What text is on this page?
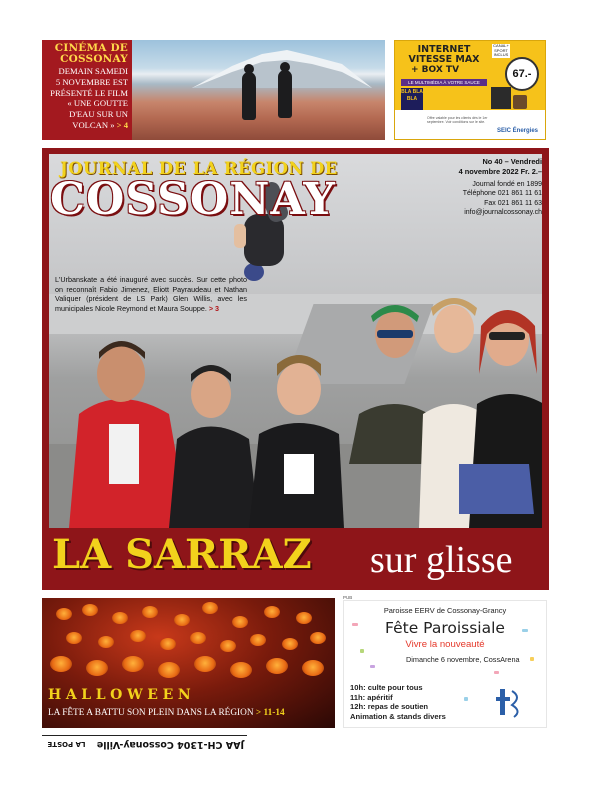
CINÉMA DE
COSSONAY
DEMAIN SAMEDI
5 NOVEMBRE EST
PRÉSENTÉ LE FILM
« UNE GOUTTE
D'EAU SUR UN
VOLCAN » > 4
INTERNET VITESSE MAX
+ BOX TV
LE MULTIMÉDIA À VOTRE SAUCE
CANAL+ SPORT INCLUS
67.-
BLA BLA BLA
Offre valable pour les clients dès le 1er septembre. Voir conditions sur le site.
SEIC Énergies
JOURNAL DE LA RÉGION DE
COSSONAY
No 40 – Vendredi
4 novembre 2022 Fr. 2.–
Journal fondé en 1899
Téléphone 021 861 11 61
Fax 021 861 11 63
info@journalcossonay.ch
L'Urbanskate a été inauguré avec succès. Sur cette photo on reconnaît Fabio Jimenez, Eliott Payraudeau et Nathan Valiquer (président de LS Park) Glen Willis, avec les municipales Nicole Reymond et Maura Souppe. > 3
LA SARRAZ sur glisse
HALLOWEEN
LA FÊTE A BATTU SON PLEIN DANS LA RÉGION > 11-14
PUB
Paroisse EERV de Cossonay-Grancy
Fête Paroissiale
Vivre la nouveauté
Dimanche 6 novembre, CossArena
10h: culte pour tous
11h: apéritif
12h: repas de soutien
Animation & stands divers
JAA CH-1304 Cossonay-Ville LA POSTE
